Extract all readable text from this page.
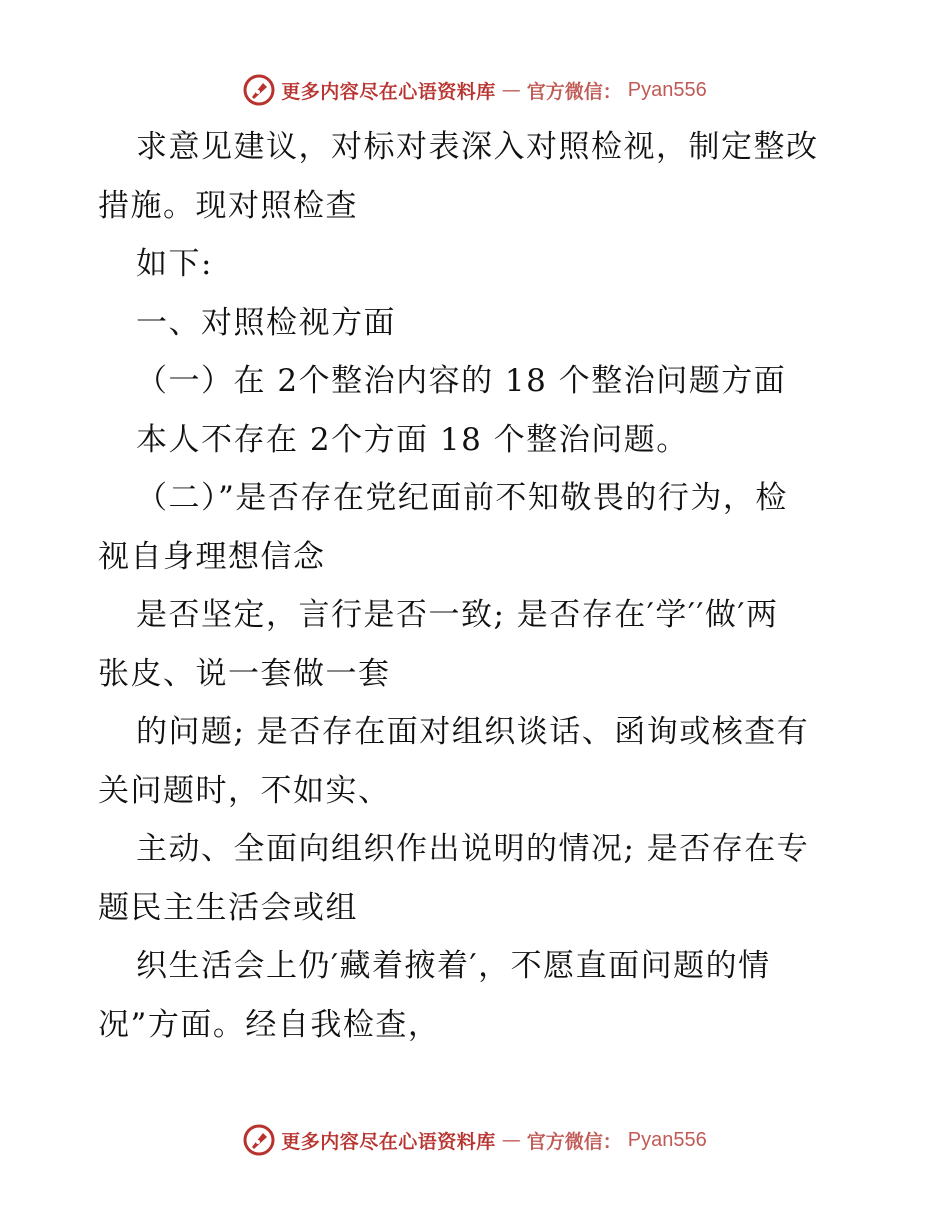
更多内容尽在心语资料库 — 官方微信： Pyan556
求意见建议，对标对表深入对照检视，制定整改
措施。现对照检查
如下:
一、对照检视方面
（一）在 2个整治内容的 18 个整治问题方面
本人不存在 2个方面 18 个整治问题。
（二）”是否存在党纪面前不知敬畏的行为，检
视自身理想信念
是否坚定，言行是否一致; 是否存在′学′′做′两
张皮、说一套做一套
的问题; 是否存在面对组织谈话、函询或核查有
关问题时，不如实、
主动、全面向组织作出说明的情况; 是否存在专
题民主生活会或组
织生活会上仍′藏着掖着′，不愿直面问题的情
况”方面。经自我检查，
更多内容尽在心语资料库 — 官方微信： Pyan556
